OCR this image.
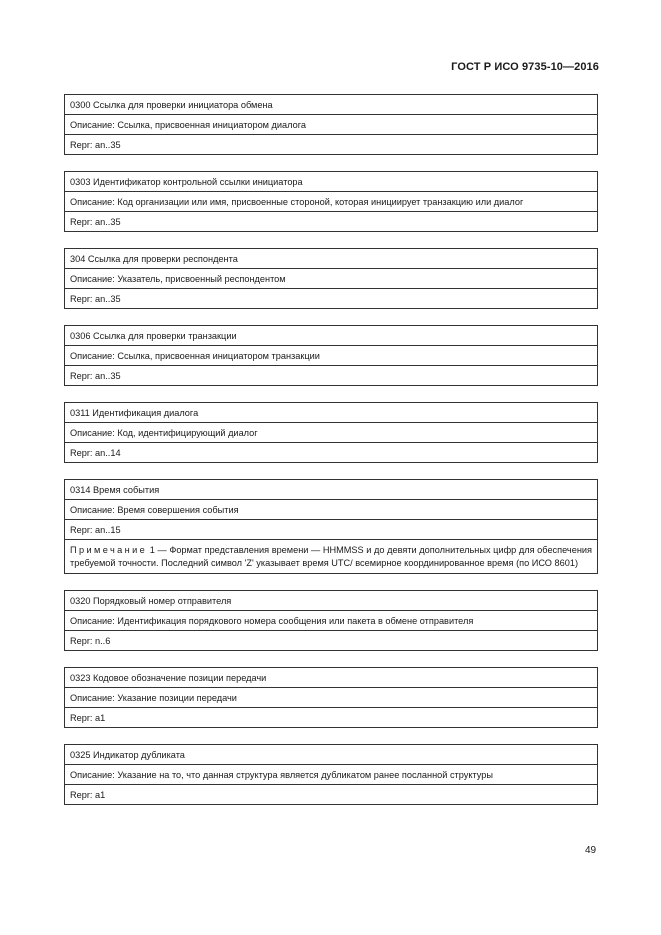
ГОСТ Р ИСО 9735-10—2016
0300 Ссылка для проверки инициатора обмена
Описание: Ссылка, присвоенная инициатором диалога
Repr: an..35
0303 Идентификатор контрольной ссылки инициатора
Описание: Код организации или имя, присвоенные стороной, которая инициирует транзакцию или диалог
Repr: an..35
304 Ссылка для проверки респондента
Описание: Указатель, присвоенный респондентом
Repr: an..35
0306 Ссылка для проверки транзакции
Описание: Ссылка, присвоенная инициатором транзакции
Repr: an..35
0311 Идентификация диалога
Описание: Код, идентифицирующий диалог
Repr: an..14
0314 Время события
Описание: Время совершения события
Repr: an..15
Примечание 1 — Формат представления времени — HHMMSS и до девяти дополнительных цифр для обеспечения требуемой точности. Последний символ 'Z' указывает время UTC/ всемирное координированное время (по ИСО 8601)
0320 Порядковый номер отправителя
Описание: Идентификация порядкового номера сообщения или пакета в обмене отправителя
Repr: n..6
0323 Кодовое обозначение позиции передачи
Описание: Указание позиции передачи
Repr: a1
0325 Индикатор дубликата
Описание: Указание на то, что данная структура является дубликатом ранее посланной структуры
Repr: a1
49
